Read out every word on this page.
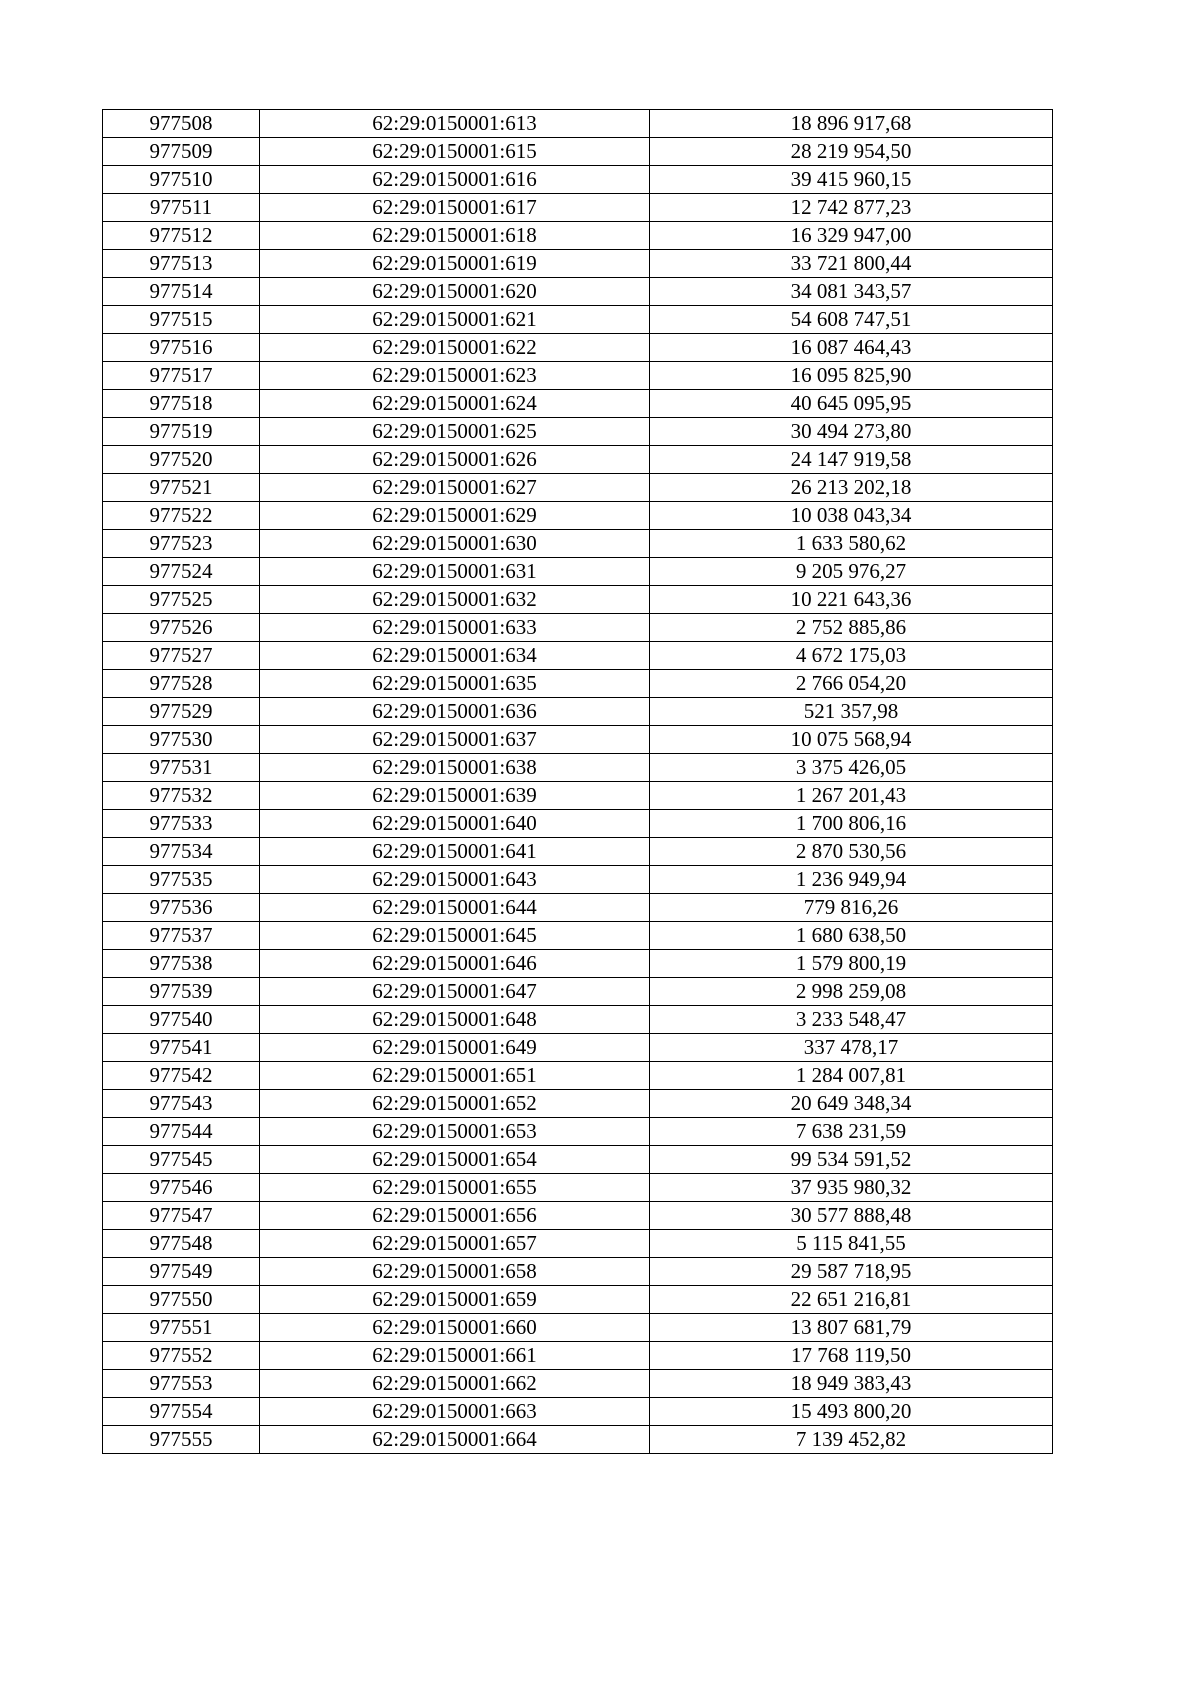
977508	62:29:0150001:613	18 896 917,68
977509	62:29:0150001:615	28 219 954,50
977510	62:29:0150001:616	39 415 960,15
977511	62:29:0150001:617	12 742 877,23
977512	62:29:0150001:618	16 329 947,00
977513	62:29:0150001:619	33 721 800,44
977514	62:29:0150001:620	34 081 343,57
977515	62:29:0150001:621	54 608 747,51
977516	62:29:0150001:622	16 087 464,43
977517	62:29:0150001:623	16 095 825,90
977518	62:29:0150001:624	40 645 095,95
977519	62:29:0150001:625	30 494 273,80
977520	62:29:0150001:626	24 147 919,58
977521	62:29:0150001:627	26 213 202,18
977522	62:29:0150001:629	10 038 043,34
977523	62:29:0150001:630	1 633 580,62
977524	62:29:0150001:631	9 205 976,27
977525	62:29:0150001:632	10 221 643,36
977526	62:29:0150001:633	2 752 885,86
977527	62:29:0150001:634	4 672 175,03
977528	62:29:0150001:635	2 766 054,20
977529	62:29:0150001:636	521 357,98
977530	62:29:0150001:637	10 075 568,94
977531	62:29:0150001:638	3 375 426,05
977532	62:29:0150001:639	1 267 201,43
977533	62:29:0150001:640	1 700 806,16
977534	62:29:0150001:641	2 870 530,56
977535	62:29:0150001:643	1 236 949,94
977536	62:29:0150001:644	779 816,26
977537	62:29:0150001:645	1 680 638,50
977538	62:29:0150001:646	1 579 800,19
977539	62:29:0150001:647	2 998 259,08
977540	62:29:0150001:648	3 233 548,47
977541	62:29:0150001:649	337 478,17
977542	62:29:0150001:651	1 284 007,81
977543	62:29:0150001:652	20 649 348,34
977544	62:29:0150001:653	7 638 231,59
977545	62:29:0150001:654	99 534 591,52
977546	62:29:0150001:655	37 935 980,32
977547	62:29:0150001:656	30 577 888,48
977548	62:29:0150001:657	5 115 841,55
977549	62:29:0150001:658	29 587 718,95
977550	62:29:0150001:659	22 651 216,81
977551	62:29:0150001:660	13 807 681,79
977552	62:29:0150001:661	17 768 119,50
977553	62:29:0150001:662	18 949 383,43
977554	62:29:0150001:663	15 493 800,20
977555	62:29:0150001:664	7 139 452,82
